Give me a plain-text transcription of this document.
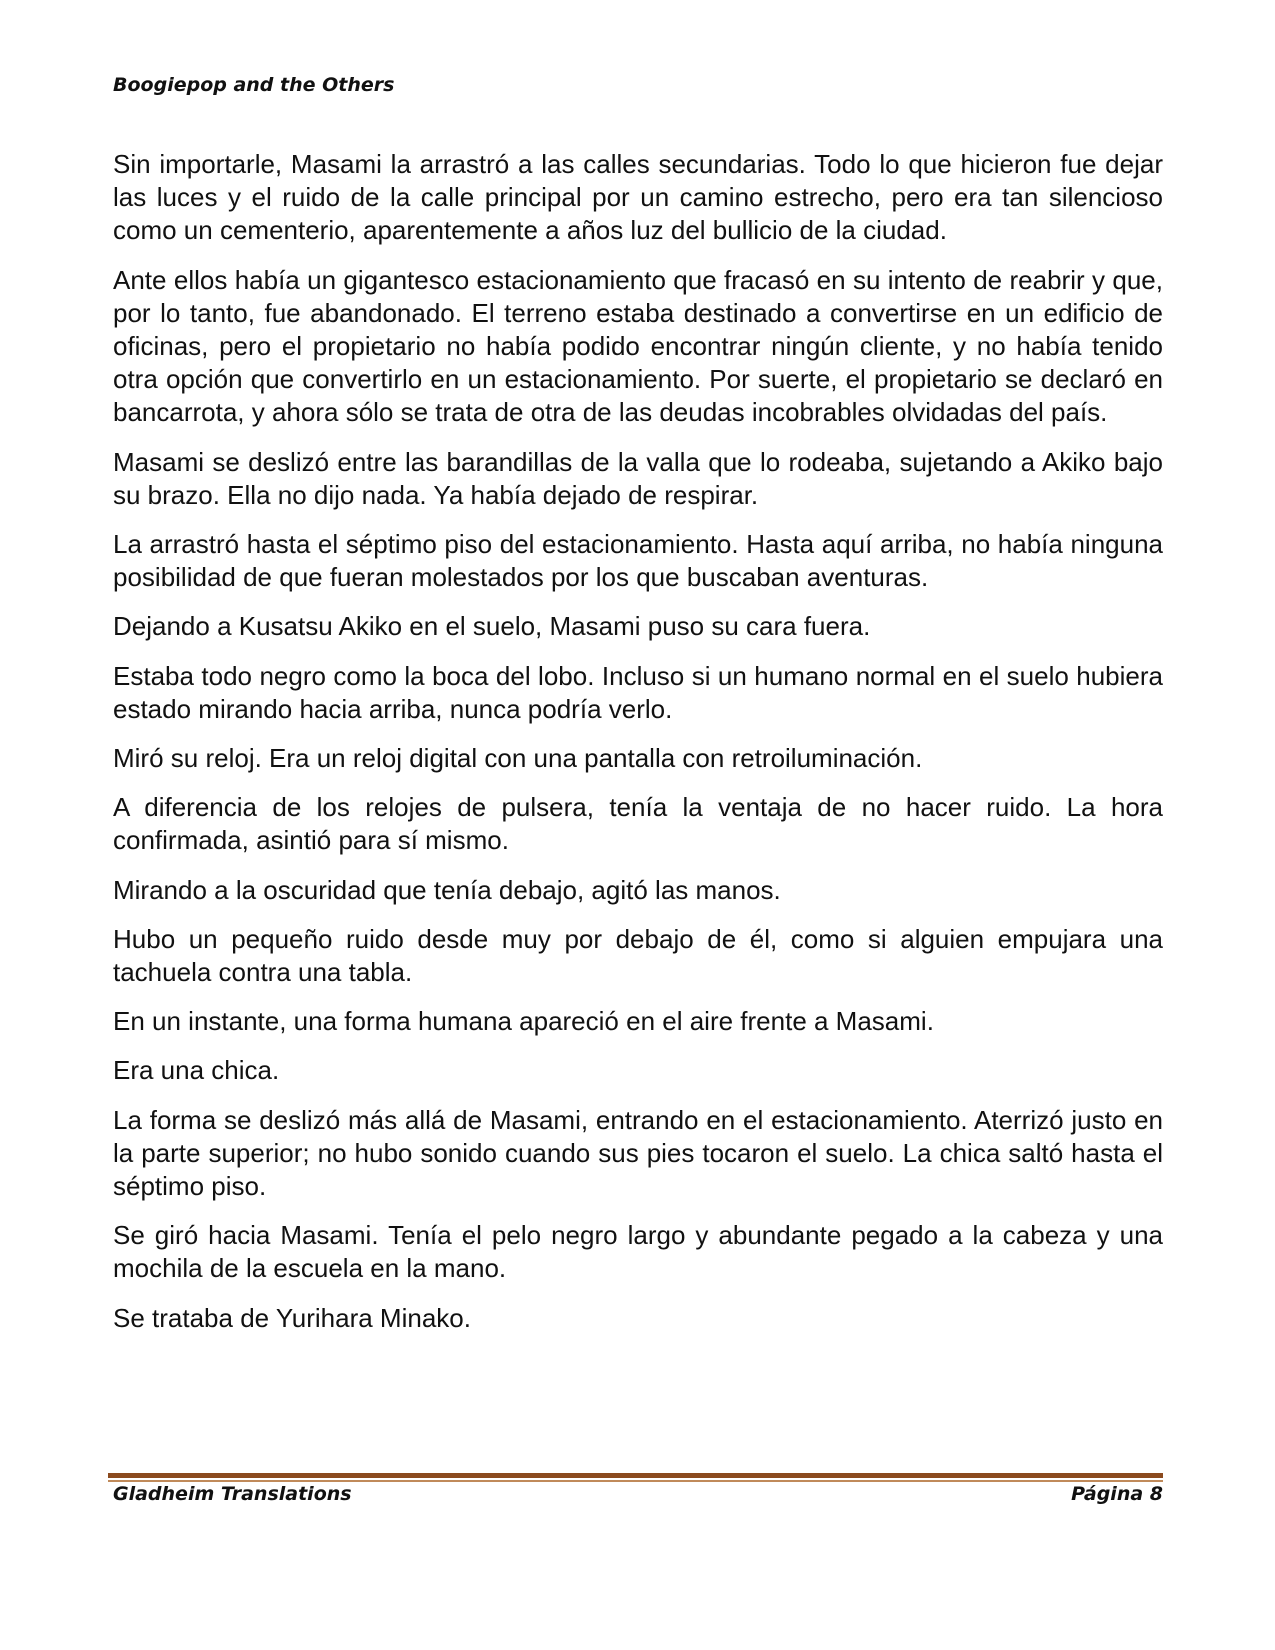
Boogiepop and the Others

Sin importarle, Masami la arrastró a las calles secundarias. Todo lo que hicieron fue dejar las luces y el ruido de la calle principal por un camino estrecho, pero era tan silencioso como un cementerio, aparentemente a años luz del bullicio de la ciudad.

Ante ellos había un gigantesco estacionamiento que fracasó en su intento de reabrir y que, por lo tanto, fue abandonado. El terreno estaba destinado a convertirse en un edificio de oficinas, pero el propietario no había podido encontrar ningún cliente, y no había tenido otra opción que convertirlo en un estacionamiento. Por suerte, el propietario se declaró en bancarrota, y ahora sólo se trata de otra de las deudas incobrables olvidadas del país.

Masami se deslizó entre las barandillas de la valla que lo rodeaba, sujetando a Akiko bajo su brazo. Ella no dijo nada. Ya había dejado de respirar.

La arrastró hasta el séptimo piso del estacionamiento. Hasta aquí arriba, no había ninguna posibilidad de que fueran molestados por los que buscaban aventuras.

Dejando a Kusatsu Akiko en el suelo, Masami puso su cara fuera.

Estaba todo negro como la boca del lobo. Incluso si un humano normal en el suelo hubiera estado mirando hacia arriba, nunca podría verlo.

Miró su reloj. Era un reloj digital con una pantalla con retroiluminación.

A diferencia de los relojes de pulsera, tenía la ventaja de no hacer ruido. La hora confirmada, asintió para sí mismo.

Mirando a la oscuridad que tenía debajo, agitó las manos.

Hubo un pequeño ruido desde muy por debajo de él, como si alguien empujara una tachuela contra una tabla.

En un instante, una forma humana apareció en el aire frente a Masami.

Era una chica.

La forma se deslizó más allá de Masami, entrando en el estacionamiento. Aterrizó justo en la parte superior; no hubo sonido cuando sus pies tocaron el suelo. La chica saltó hasta el séptimo piso.

Se giró hacia Masami. Tenía el pelo negro largo y abundante pegado a la cabeza y una mochila de la escuela en la mano.

Se trataba de Yurihara Minako.

Gladheim Translations	Página 8
